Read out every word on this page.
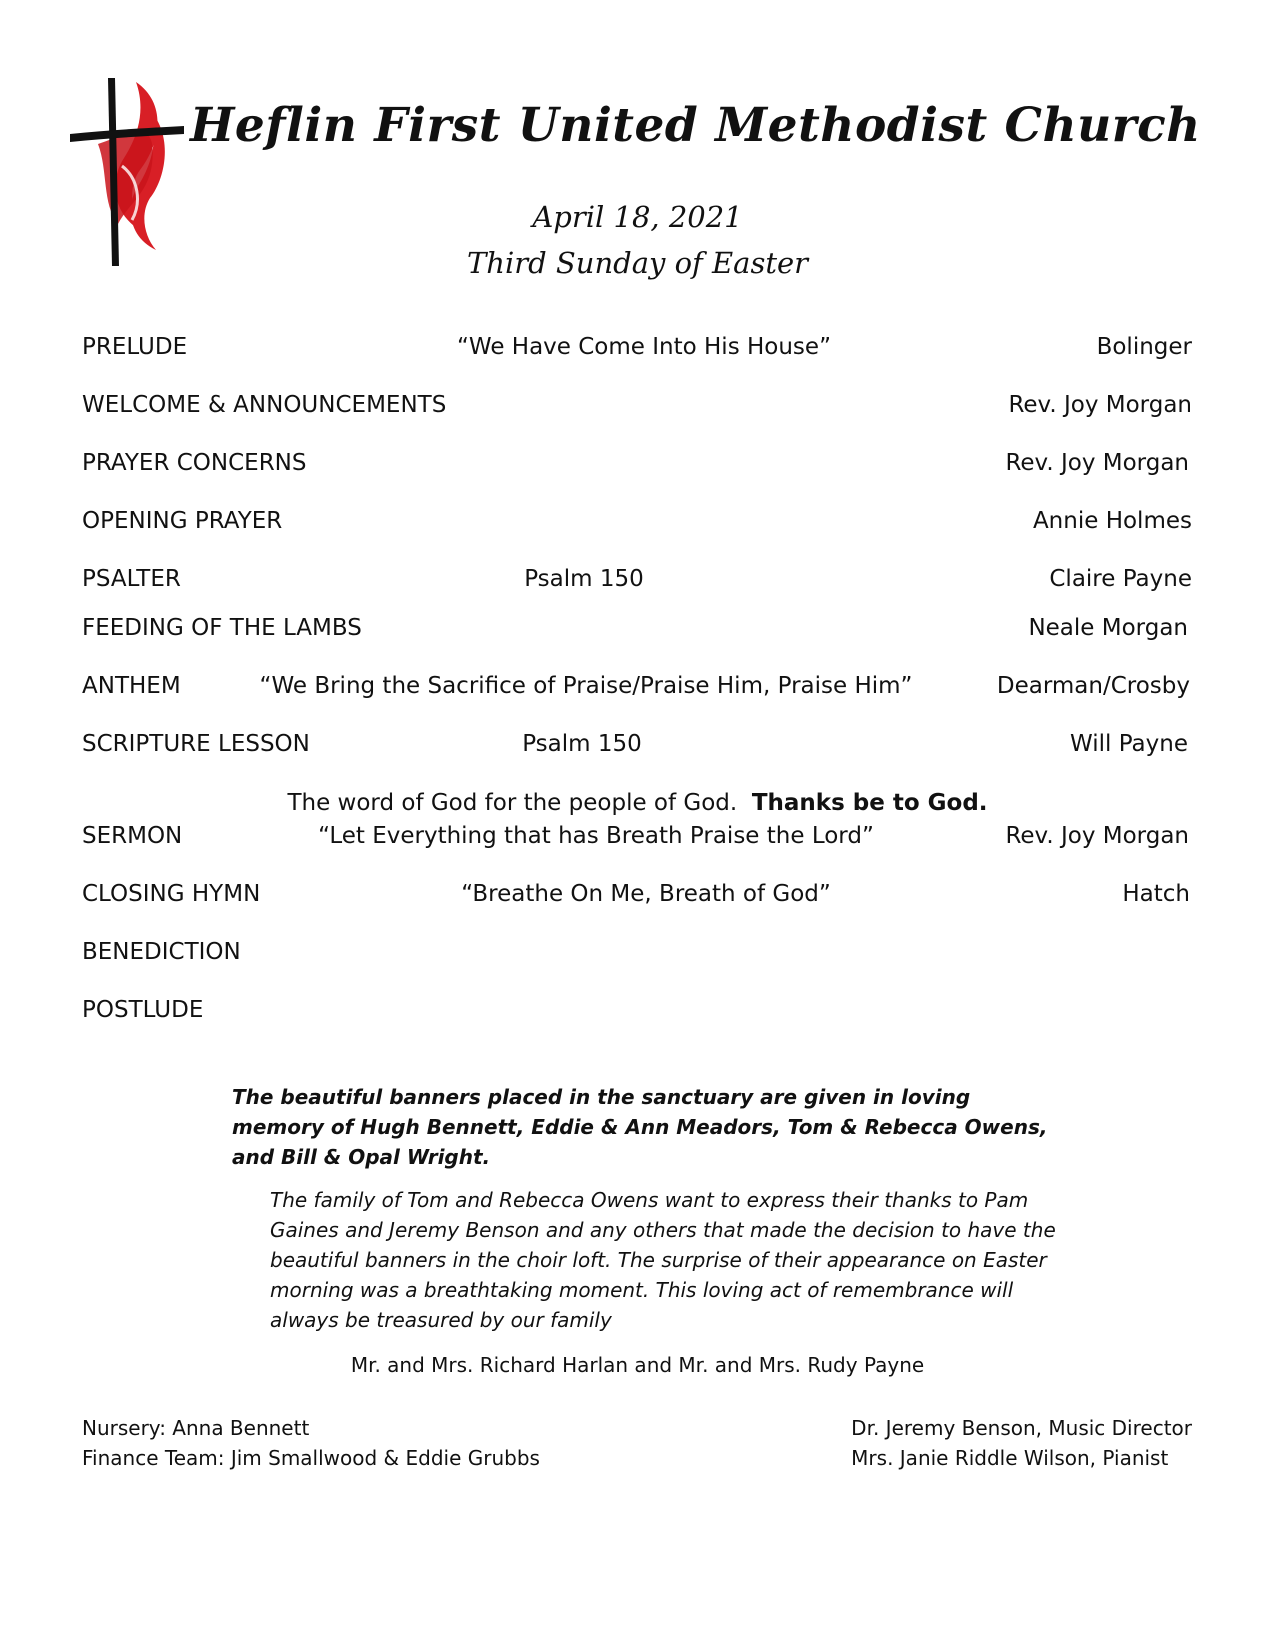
Heflin First United Methodist Church
April 18, 2021
Third Sunday of Easter
PRELUDE	“We Have Come Into His House”	Bolinger
WELCOME & ANNOUNCEMENTS	Rev. Joy Morgan
PRAYER CONCERNS	Rev. Joy Morgan
OPENING PRAYER	Annie Holmes
PSALTER	Psalm 150	Claire Payne
FEEDING OF THE LAMBS	Neale Morgan
ANTHEM	“We Bring the Sacrifice of Praise/Praise Him, Praise Him”	Dearman/Crosby
SCRIPTURE LESSON	Psalm 150	Will Payne
The word of God for the people of God. Thanks be to God.
SERMON	“Let Everything that has Breath Praise the Lord”	Rev. Joy Morgan
CLOSING HYMN	“Breathe On Me, Breath of God”	Hatch
BENEDICTION
POSTLUDE
The beautiful banners placed in the sanctuary are given in loving memory of Hugh Bennett, Eddie & Ann Meadors, Tom & Rebecca Owens, and Bill & Opal Wright.
The family of Tom and Rebecca Owens want to express their thanks to Pam Gaines and Jeremy Benson and any others that made the decision to have the beautiful banners in the choir loft. The surprise of their appearance on Easter morning was a breathtaking moment. This loving act of remembrance will always be treasured by our family
Mr. and Mrs. Richard Harlan and Mr. and Mrs. Rudy Payne
Nursery: Anna Bennett
Finance Team: Jim Smallwood & Eddie Grubbs
Dr. Jeremy Benson, Music Director
Mrs. Janie Riddle Wilson, Pianist
